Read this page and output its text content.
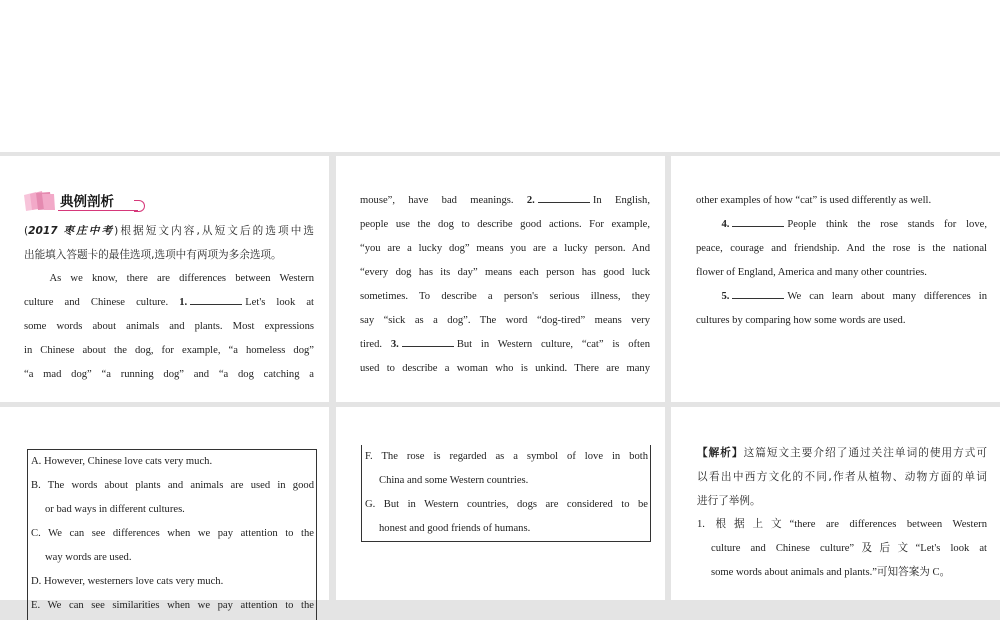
典例剖析

(2017 枣庄中考)根据短文内容,从短文后的选项中选

出能填入答题卡的最佳选项,选项中有两项为多余选项。

As we know, there are differences between Western

culture and Chinese culture. 1.	Let's look at

some words about animals and plants. Most expressions

in Chinese about the dog, for example, “a homeless dog”

“a mad dog” “a running dog” and “a dog catching a

mouse”, have bad meanings. 2.	In English,

people use the dog to describe good actions. For example,

“you are a lucky dog” means you are a lucky person. And

“every dog has its day” means each person has good luck

sometimes. To describe a person's serious illness, they

say “sick as a dog”. The word “dog-tired” means very

tired. 3.	But in Western culture, “cat” is often

used to describe a woman who is unkind. There are many

other examples of how “cat” is used differently as well.

4.	People think the rose stands for love,

peace, courage and friendship. And the rose is the national

flower of England, America and many other countries.

5.	We can learn about many differences in

cultures by comparing how some words are used.

A. However, Chinese love cats very much.
B. The words about plants and animals are used in good
or bad ways in different cultures.
C. We can see differences when we pay attention to the
way words are used.
D. However, westerners love cats very much.
E. We can see similarities when we pay attention to the
F. The rose is regarded as a symbol of love in both
China and some Western countries.
G. But in Western countries, dogs are considered to be
honest and good friends of humans.

【解析】这篇短文主要介绍了通过关注单词的使用方式可

以看出中西方文化的不同,作者从植物、动物方面的单词

进行了举例。

1. 根据上文“there are differences between Western
culture and Chinese culture”及后文“Let's look at
some words about animals and plants.”可知答案为 C。
